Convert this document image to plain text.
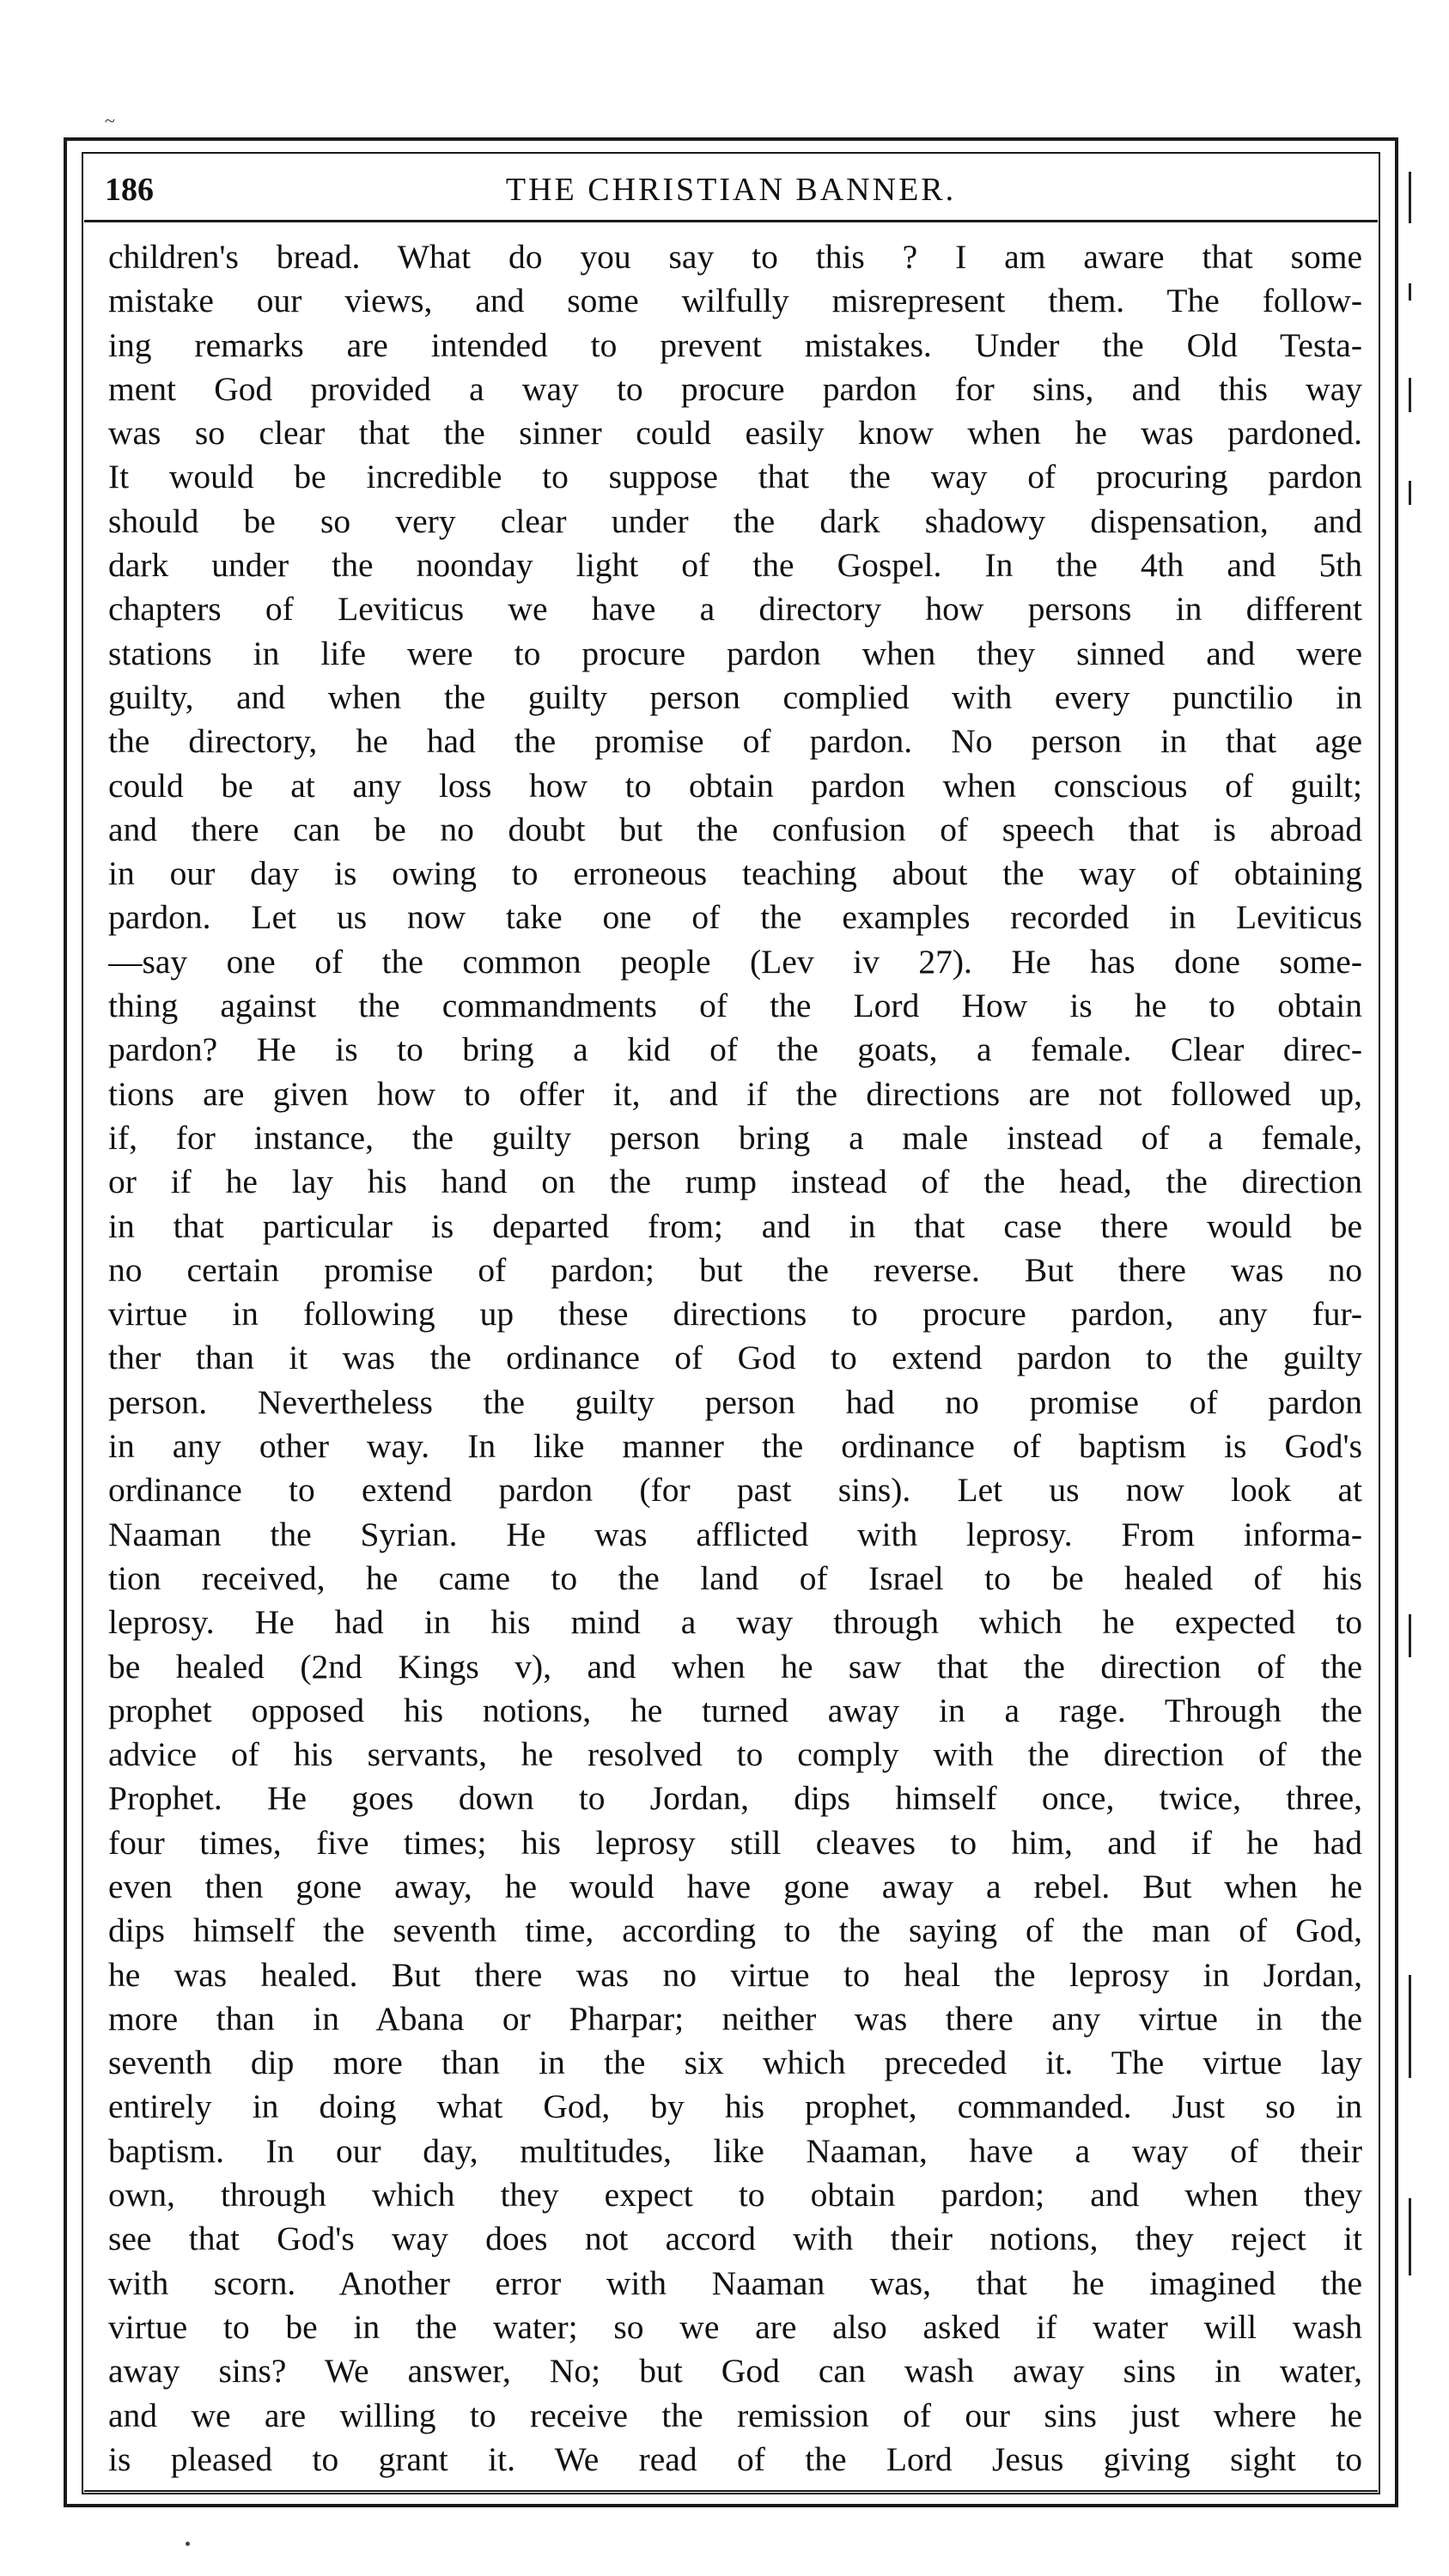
~
186	THE CHRISTIAN BANNER.
children's bread. What do you say to this ? I am aware that some
mistake our views, and some wilfully misrepresent them. The follow-
ing remarks are intended to prevent mistakes. Under the Old Testa-
ment God provided a way to procure pardon for sins, and this way
was so clear that the sinner could easily know when he was pardoned.
It would be incredible to suppose that the way of procuring pardon
should be so very clear under the dark shadowy dispensation, and
dark under the noonday light of the Gospel. In the 4th and 5th
chapters of Leviticus we have a directory how persons in different
stations in life were to procure pardon when they sinned and were
guilty, and when the guilty person complied with every punctilio in
the directory, he had the promise of pardon. No person in that age
could be at any loss how to obtain pardon when conscious of guilt;
and there can be no doubt but the confusion of speech that is abroad
in our day is owing to erroneous teaching about the way of obtaining
pardon. Let us now take one of the examples recorded in Leviticus
—say one of the common people (Lev iv 27). He has done some-
thing against the commandments of the Lord How is he to obtain
pardon? He is to bring a kid of the goats, a female. Clear direc-
tions are given how to offer it, and if the directions are not followed up,
if, for instance, the guilty person bring a male instead of a female,
or if he lay his hand on the rump instead of the head, the direction
in that particular is departed from; and in that case there would be
no certain promise of pardon; but the reverse. But there was no
virtue in following up these directions to procure pardon, any fur-
ther than it was the ordinance of God to extend pardon to the guilty
person. Nevertheless the guilty person had no promise of pardon
in any other way. In like manner the ordinance of baptism is God's
ordinance to extend pardon (for past sins). Let us now look at
Naaman the Syrian. He was afflicted with leprosy. From informa-
tion received, he came to the land of Israel to be healed of his
leprosy. He had in his mind a way through which he expected to
be healed (2nd Kings v), and when he saw that the direction of the
prophet opposed his notions, he turned away in a rage. Through the
advice of his servants, he resolved to comply with the direction of the
Prophet. He goes down to Jordan, dips himself once, twice, three,
four times, five times; his leprosy still cleaves to him, and if he had
even then gone away, he would have gone away a rebel. But when he
dips himself the seventh time, according to the saying of the man of God,
he was healed. But there was no virtue to heal the leprosy in Jordan,
more than in Abana or Pharpar; neither was there any virtue in the
seventh dip more than in the six which preceded it. The virtue lay
entirely in doing what God, by his prophet, commanded. Just so in
baptism. In our day, multitudes, like Naaman, have a way of their
own, through which they expect to obtain pardon; and when they
see that God's way does not accord with their notions, they reject it
with scorn. Another error with Naaman was, that he imagined the
virtue to be in the water; so we are also asked if water will wash
away sins? We answer, No; but God can wash away sins in water,
and we are willing to receive the remission of our sins just where he
is pleased to grant it. We read of the Lord Jesus giving sight to
